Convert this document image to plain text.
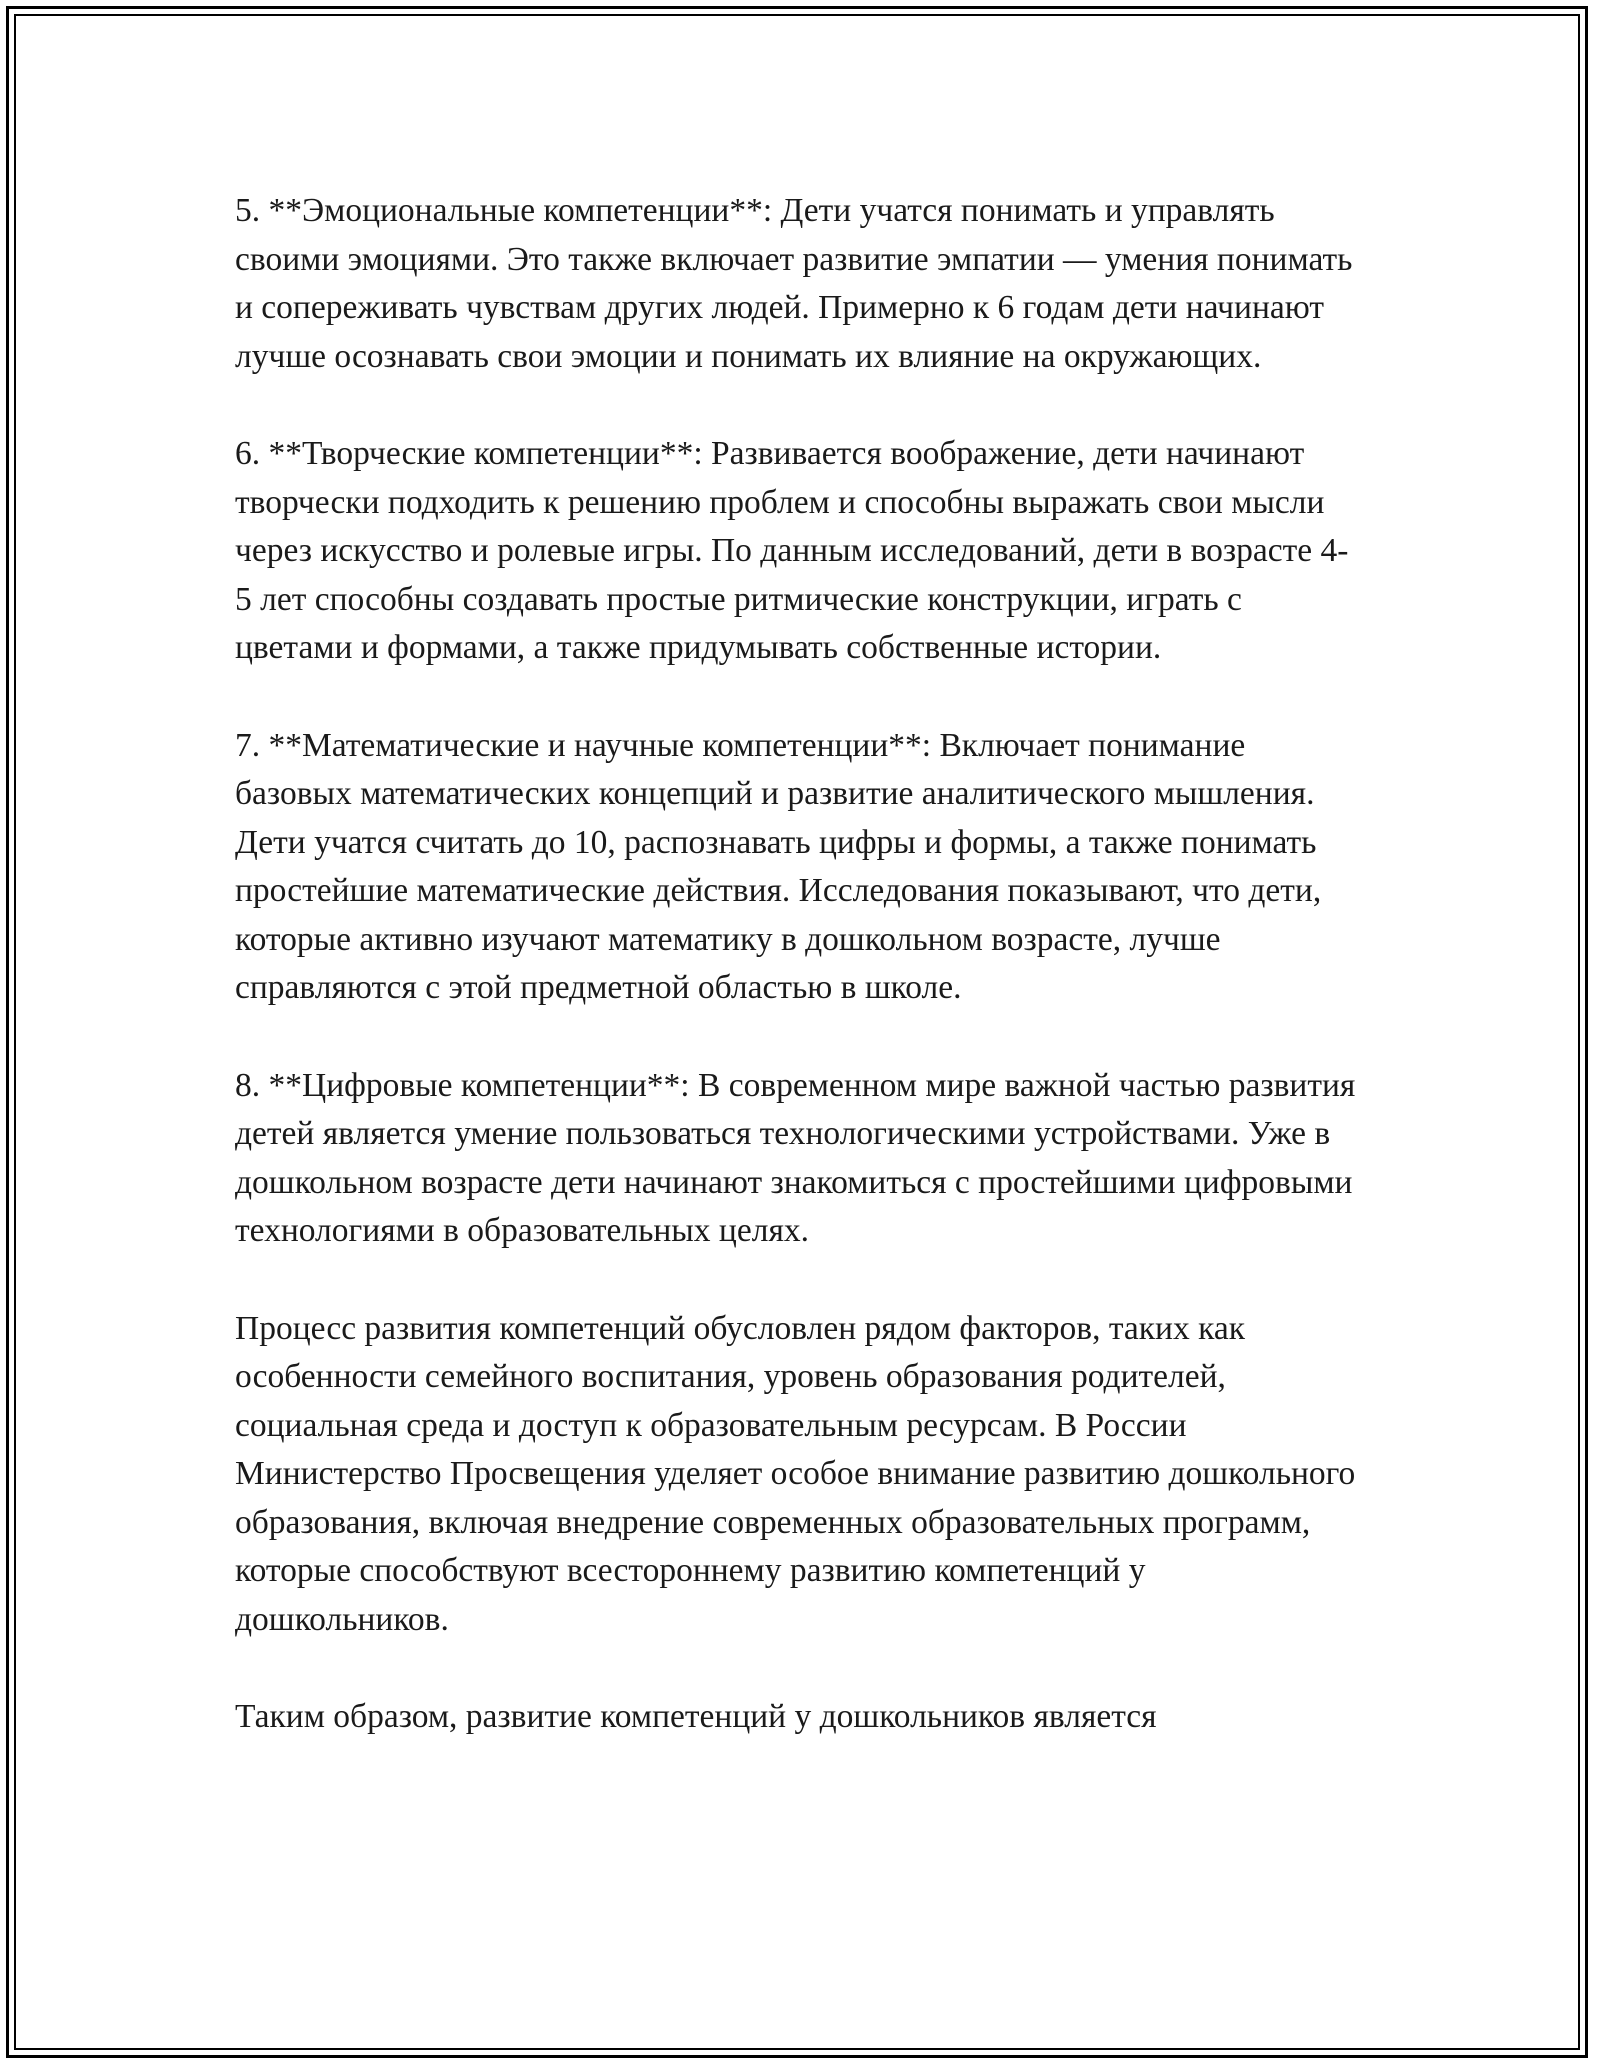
5. **Эмоциональные компетенции**: Дети учатся понимать и управлять своими эмоциями. Это также включает развитие эмпатии — умения понимать и сопереживать чувствам других людей. Примерно к 6 годам дети начинают лучше осознавать свои эмоции и понимать их влияние на окружающих.

6. **Творческие компетенции**: Развивается воображение, дети начинают творчески подходить к решению проблем и способны выражать свои мысли через искусство и ролевые игры. По данным исследований, дети в возрасте 4-5 лет способны создавать простые ритмические конструкции, играть с цветами и формами, а также придумывать собственные истории.

7. **Математические и научные компетенции**: Включает понимание базовых математических концепций и развитие аналитического мышления. Дети учатся считать до 10, распознавать цифры и формы, а также понимать простейшие математические действия. Исследования показывают, что дети, которые активно изучают математику в дошкольном возрасте, лучше справляются с этой предметной областью в школе.

8. **Цифровые компетенции**: В современном мире важной частью развития детей является умение пользоваться технологическими устройствами. Уже в дошкольном возрасте дети начинают знакомиться с простейшими цифровыми технологиями в образовательных целях.

Процесс развития компетенций обусловлен рядом факторов, таких как особенности семейного воспитания, уровень образования родителей, социальная среда и доступ к образовательным ресурсам. В России Министерство Просвещения уделяет особое внимание развитию дошкольного образования, включая внедрение современных образовательных программ, которые способствуют всестороннему развитию компетенций у дошкольников.

Таким образом, развитие компетенций у дошкольников является
